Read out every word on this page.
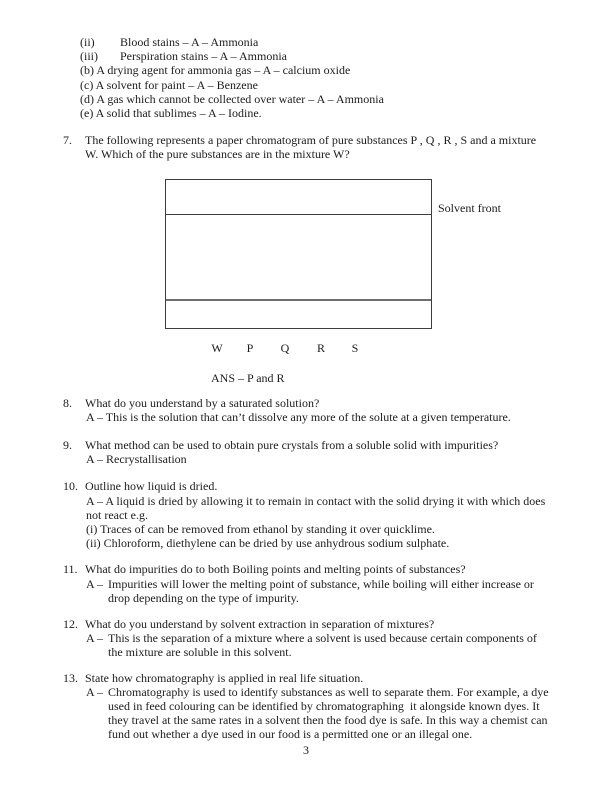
(ii) Blood stains – A – Ammonia
(iii) Perspiration stains – A – Ammonia
(b) A drying agent for ammonia gas – A – calcium oxide
(c) A solvent for paint – A – Benzene
(d) A gas which cannot be collected over water – A – Ammonia
(e) A solid that sublimes – A – Iodine.
7. The following represents a paper chromatogram of pure substances P , Q , R , S and a mixture
W. Which of the pure substances are in the mixture W?
Solvent front
W P Q R S
ANS – P and R
8. What do you understand by a saturated solution?
A – This is the solution that can’t dissolve any more of the solute at a given temperature.
9. What method can be used to obtain pure crystals from a soluble solid with impurities?
A – Recrystallisation
10. Outline how liquid is dried.
A – A liquid is dried by allowing it to remain in contact with the solid drying it with which does
not react e.g.
(i) Traces of can be removed from ethanol by standing it over quicklime.
(ii) Chloroform, diethylene can be dried by use anhydrous sodium sulphate.
11. What do impurities do to both Boiling points and melting points of substances?
A – Impurities will lower the melting point of substance, while boiling will either increase or
drop depending on the type of impurity.
12. What do you understand by solvent extraction in separation of mixtures?
A – This is the separation of a mixture where a solvent is used because certain components of
the mixture are soluble in this solvent.
13. State how chromatography is applied in real life situation.
A – Chromatography is used to identify substances as well to separate them. For example, a dye
used in feed colouring can be identified by chromatographing  it alongside known dyes. It
they travel at the same rates in a solvent then the food dye is safe. In this way a chemist can
fund out whether a dye used in our food is a permitted one or an illegal one.
3
